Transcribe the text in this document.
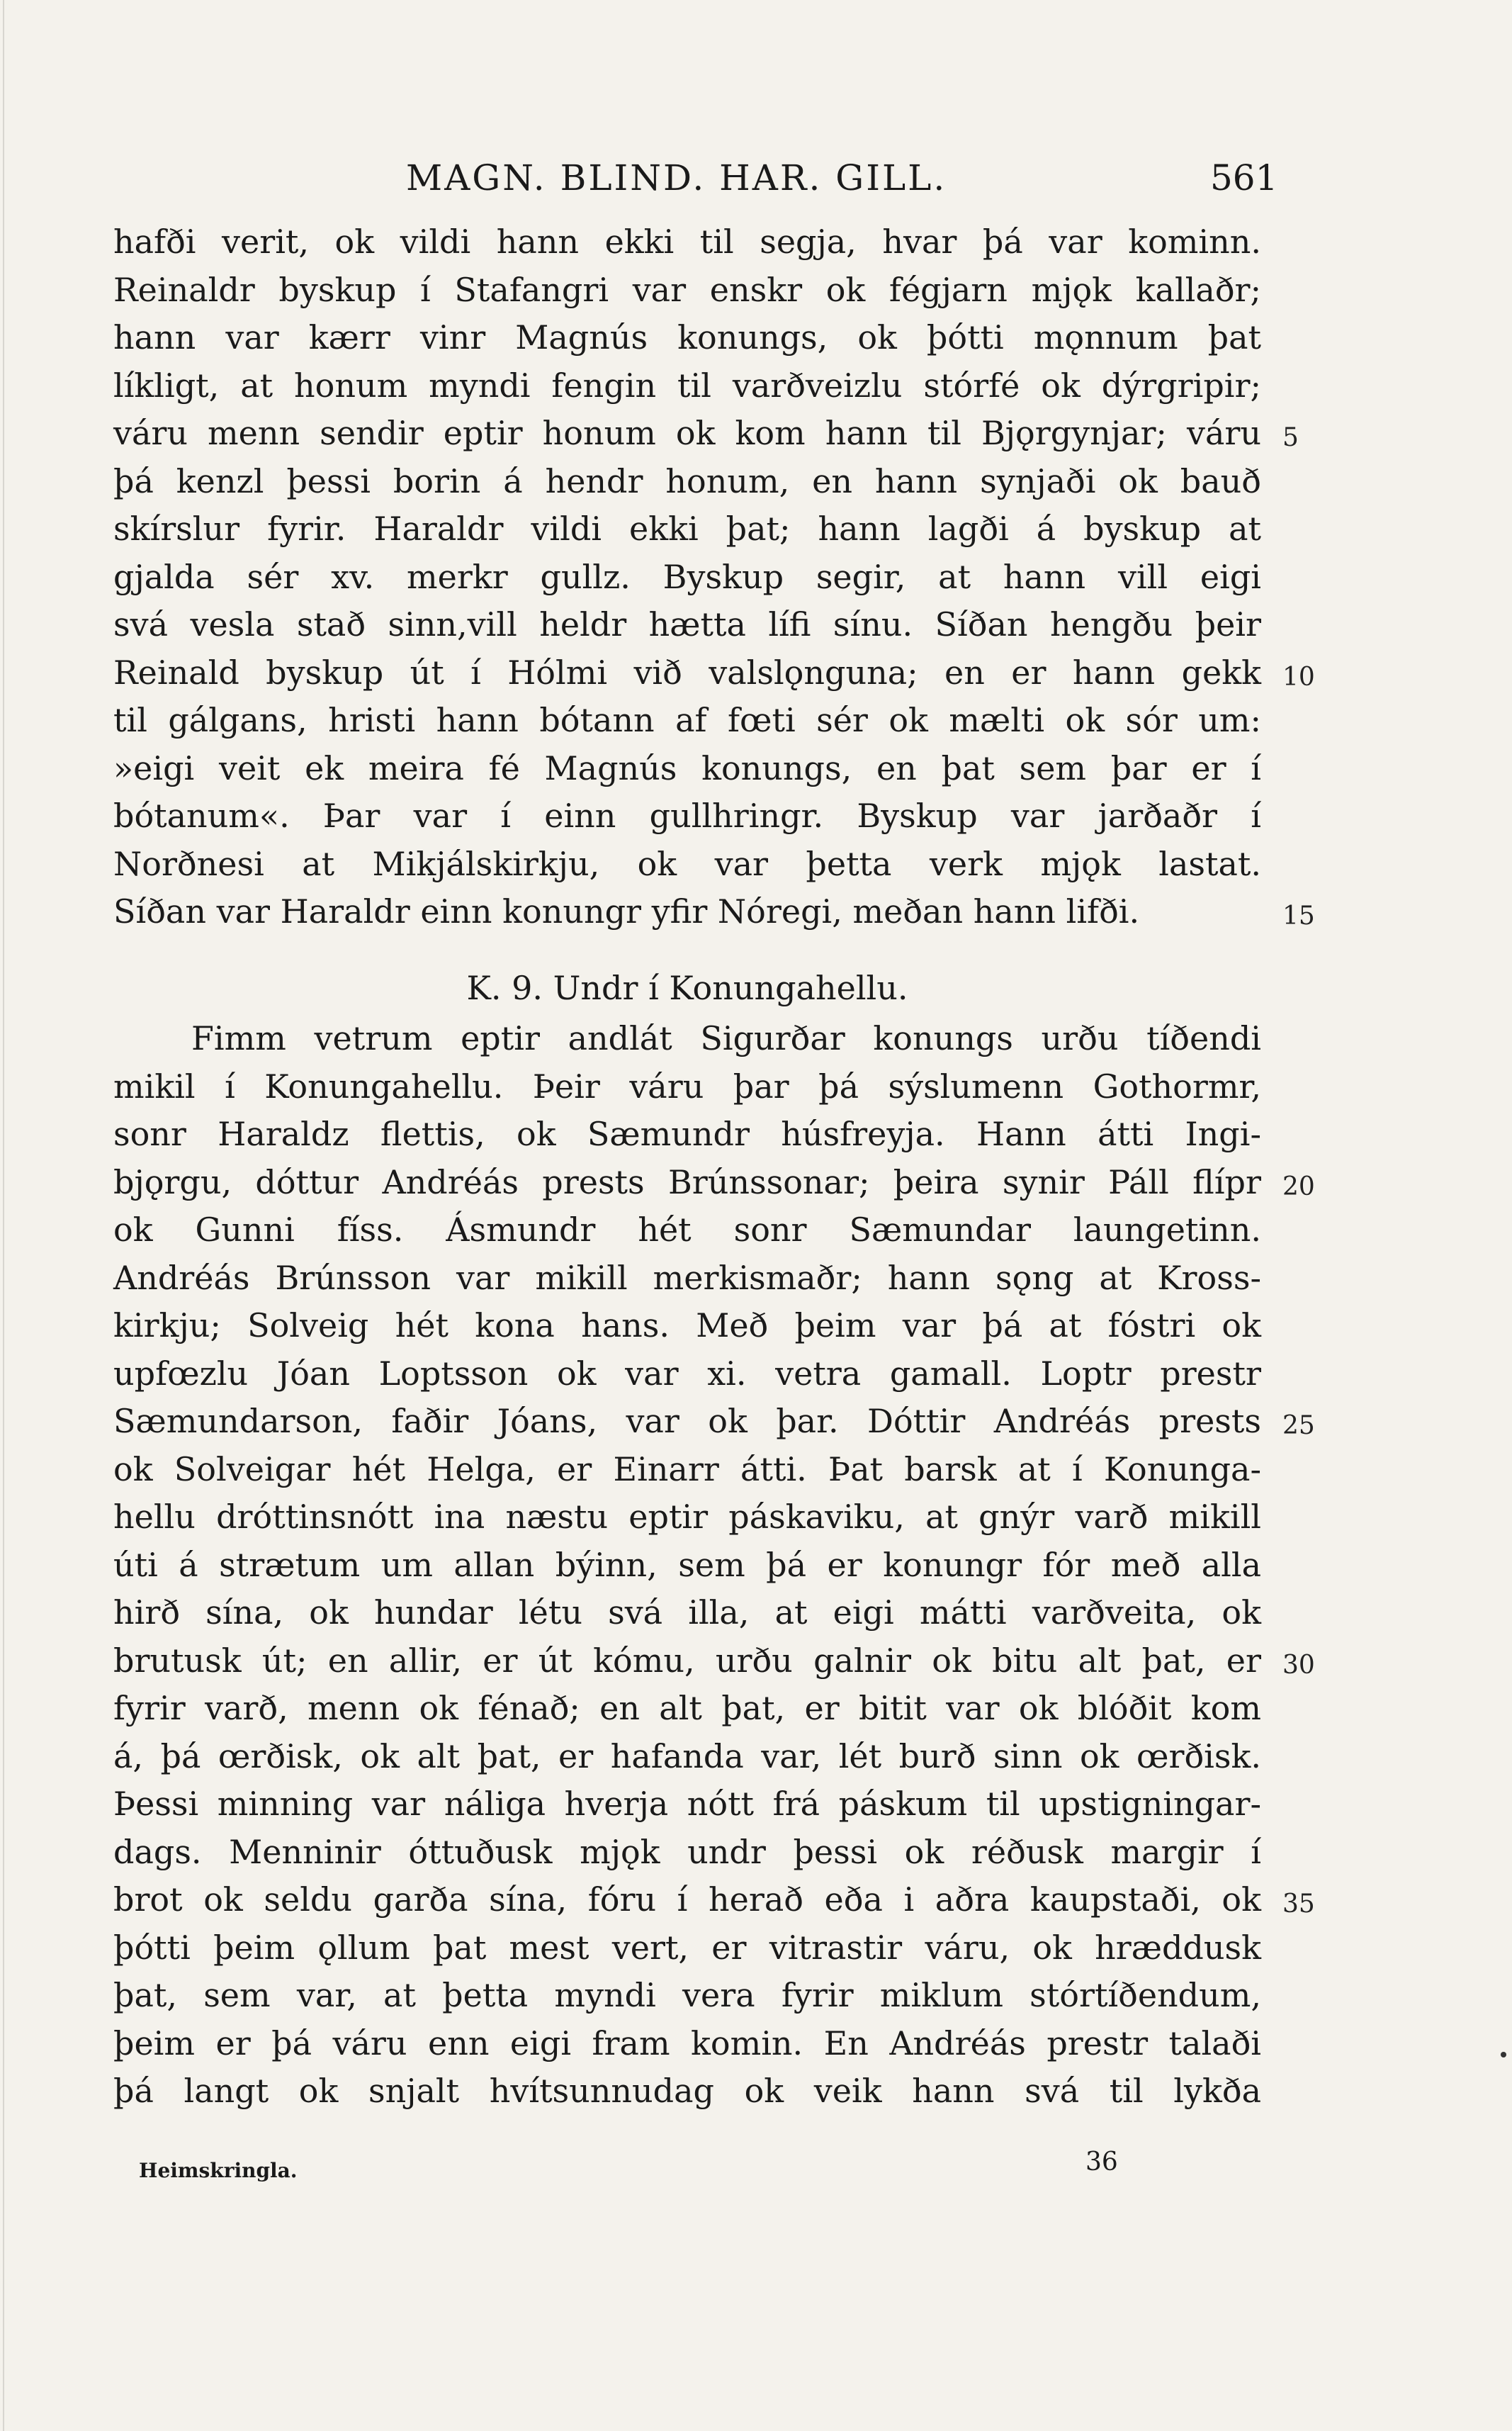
MAGN. BLIND. HAR. GILL.	561
hafði verit, ok vildi hann ekki til segja, hvar þá var kominn.
Reinaldr byskup í Stafangri var enskr ok fégjarn mjǫk kallaðr;
hann var kærr vinr Magnús konungs, ok þótti mǫnnum þat
líkligt, at honum myndi fengin til varðveizlu stórfé ok dýrgripir;
váru menn sendir eptir honum ok kom hann til Bjǫrgynjar; váru 5
þá kenzl þessi borin á hendr honum, en hann synjaði ok bauð
skírslur fyrir. Haraldr vildi ekki þat; hann lagði á byskup at
gjalda sér xv. merkr gullz. Byskup segir, at hann vill eigi
svá vesla stað sinn,vill heldr hætta lífi sínu. Síðan hengðu þeir
Reinald byskup út í Hólmi við valslǫnguna; en er hann gekk 10
til gálgans, hristi hann bótann af fœti sér ok mælti ok sór um:
»eigi veit ek meira fé Magnús konungs, en þat sem þar er í
bótanum«. Þar var í einn gullhringr. Byskup var jarðaðr í
Norðnesi at Mikjálskirkju, ok var þetta verk mjǫk lastat.
Síðan var Haraldr einn konungr yfir Nóregi, meðan hann lifði.	15
K. 9. Undr í Konungahellu.
Fimm vetrum eptir andlát Sigurðar konungs urðu tíðendi
mikil í Konungahellu. Þeir váru þar þá sýslumenn Gothormr,
sonr Haraldz flettis, ok Sæmundr húsfreyja. Hann átti Ingi-
bjǫrgu, dóttur Andréás prests Brúnssonar; þeira synir Páll flípr 20
ok Gunni físs. Ásmundr hét sonr Sæmundar laungetinn.
Andréás Brúnsson var mikill merkismaðr; hann sǫng at Kross-
kirkju; Solveig hét kona hans. Með þeim var þá at fóstri ok
upfœzlu Jóan Loptsson ok var xi. vetra gamall. Loptr prestr
Sæmundarson, faðir Jóans, var ok þar. Dóttir Andréás prests 25
ok Solveigar hét Helga, er Einarr átti. Þat barsk at í Konunga-
hellu dróttinsnótt ina næstu eptir páskaviku, at gnýr varð mikill
úti á strætum um allan býinn, sem þá er konungr fór með alla
hirð sína, ok hundar létu svá illa, at eigi mátti varðveita, ok
brutusk út; en allir, er út kómu, urðu galnir ok bitu alt þat, er 30
fyrir varð, menn ok fénað; en alt þat, er bitit var ok blóðit kom
á, þá œrðisk, ok alt þat, er hafanda var, lét burð sinn ok œrðisk.
Þessi minning var náliga hverja nótt frá páskum til upstigningar-
dags. Menninir óttuðusk mjǫk undr þessi ok réðusk margir í
brot ok seldu garða sína, fóru í herað eða i aðra kaupstaði, ok 35
þótti þeim ǫllum þat mest vert, er vitrastir váru, ok hræddusk
þat, sem var, at þetta myndi vera fyrir miklum stórtíðendum,
þeim er þá váru enn eigi fram komin. En Andréás prestr talaði
þá langt ok snjalt hvítsunnudag ok veik hann svá til lykða
Heimskringla.	36
